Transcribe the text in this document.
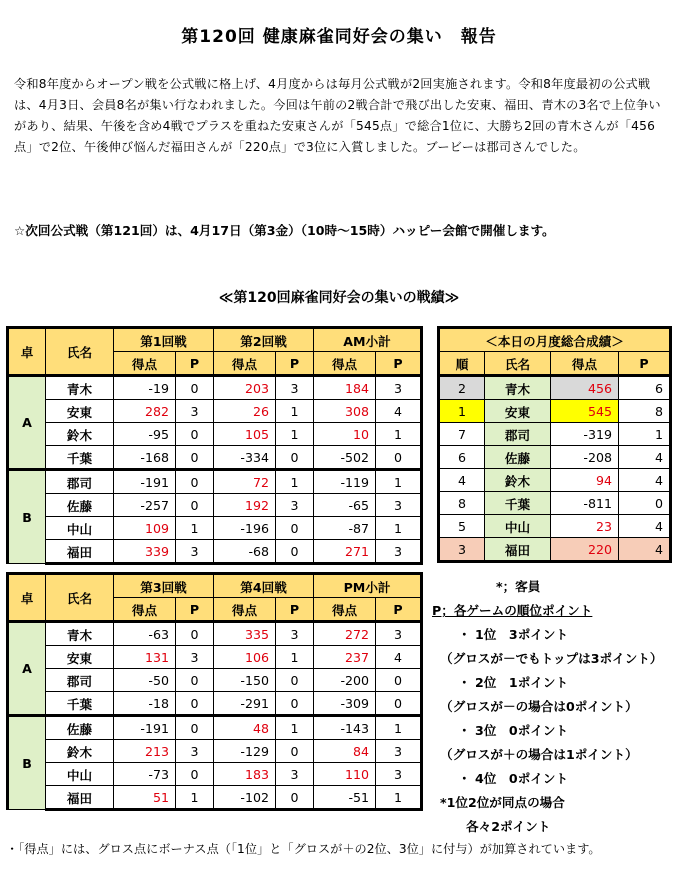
第120回 健康麻雀同好会の集い　報告
令和8年度からオープン戦を公式戦に格上げ、4月度からは毎月公式戦が2回実施されます。令和8年度最初の公式戦は、4月3日、会員8名が集い行なわれました。今回は午前の2戦合計で飛び出した安東、福田、青木の3名で上位争いがあり、結果、午後を含め4戦でプラスを重ねた安東さんが「545点」で総合1位に、大勝ち2回の青木さんが「456点」で2位、午後伸び悩んだ福田さんが「220点」で3位に入賞しました。ブービーは郡司さんでした。
☆次回公式戦（第121回）は、4月17日（第3金）（10時～15時）ハッピー会館で開催します。
≪第120回麻雀同好会の集いの戦績≫
卓	氏名	第1回戦		第2回戦		AM小計	
		得点	P	得点	P	得点	P
A	青木	-19	0	203	3	184	3
	安東	282	3	26	1	308	4
	鈴木	-95	0	105	1	10	1
	千葉	-168	0	-334	0	-502	0
B	郡司	-191	0	72	1	-119	1
	佐藤	-257	0	192	3	-65	3
	中山	109	1	-196	0	-87	1
	福田	339	3	-68	0	271	3
卓	氏名	第3回戦		第4回戦		PM小計	
		得点	P	得点	P	得点	P
A	青木	-63	0	335	3	272	3
	安東	131	3	106	1	237	4
	郡司	-50	0	-150	0	-200	0
	千葉	-18	0	-291	0	-309	0
B	佐藤	-191	0	48	1	-143	1
	鈴木	213	3	-129	0	84	3
	中山	-73	0	183	3	110	3
	福田	51	1	-102	0	-51	1
＜本日の月度総合成績＞			
順	氏名	得点	P
2	青木	456	6
1	安東	545	8
7	郡司	-319	1
6	佐藤	-208	4
4	鈴木	94	4
8	千葉	-811	0
5	中山	23	4
3	福田	220	4
*；客員
P；各ゲームの順位ポイント
・ 1位　3ポイント
（グロスが－でもトップは3ポイント）
・ 2位　1ポイント
（グロスが－の場合は0ポイント）
・ 3位　0ポイント
（グロスが＋の場合は1ポイント）
・ 4位　0ポイント
*1位2位が同点の場合
各々2ポイント
・「得点」には、グロス点にボーナス点（「1位」と「グロスが＋の2位、3位」に付与）が加算されています。
